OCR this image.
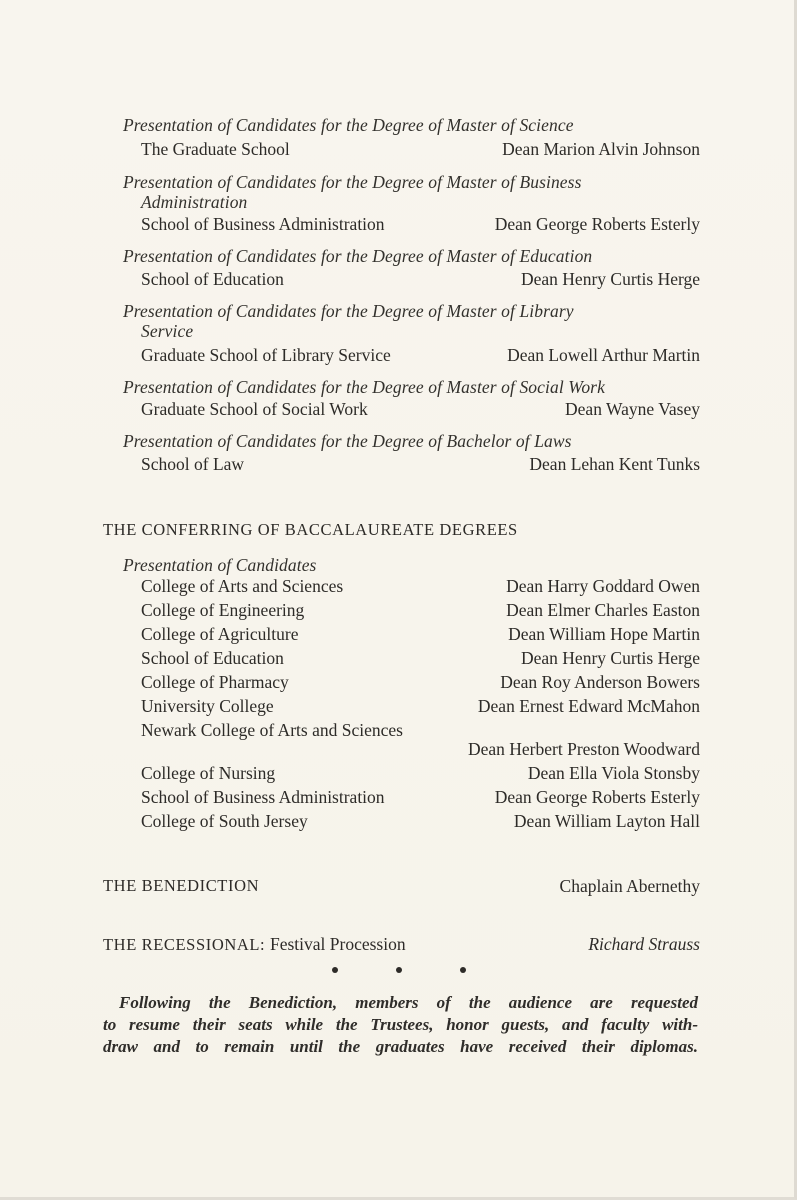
Presentation of Candidates for the Degree of Master of Science
The Graduate School	Dean Marion Alvin Johnson
Presentation of Candidates for the Degree of Master of Business
Administration
School of Business Administration	Dean George Roberts Esterly
Presentation of Candidates for the Degree of Master of Education
School of Education	Dean Henry Curtis Herge
Presentation of Candidates for the Degree of Master of Library
Service
Graduate School of Library Service	Dean Lowell Arthur Martin
Presentation of Candidates for the Degree of Master of Social Work
Graduate School of Social Work	Dean Wayne Vasey
Presentation of Candidates for the Degree of Bachelor of Laws
School of Law	Dean Lehan Kent Tunks
THE CONFERRING OF BACCALAUREATE DEGREES
Presentation of Candidates
College of Arts and Sciences	Dean Harry Goddard Owen
College of Engineering	Dean Elmer Charles Easton
College of Agriculture	Dean William Hope Martin
School of Education	Dean Henry Curtis Herge
College of Pharmacy	Dean Roy Anderson Bowers
University College	Dean Ernest Edward McMahon
Newark College of Arts and Sciences
Dean Herbert Preston Woodward
College of Nursing	Dean Ella Viola Stonsby
School of Business Administration	Dean George Roberts Esterly
College of South Jersey	Dean William Layton Hall
THE BENEDICTION	Chaplain Abernethy
THE RECESSIONAL: Festival Procession	Richard Strauss

Following the Benediction, members of the audience are requested
to resume their seats while the Trustees, honor guests, and faculty with-
draw and to remain until the graduates have received their diplomas.
